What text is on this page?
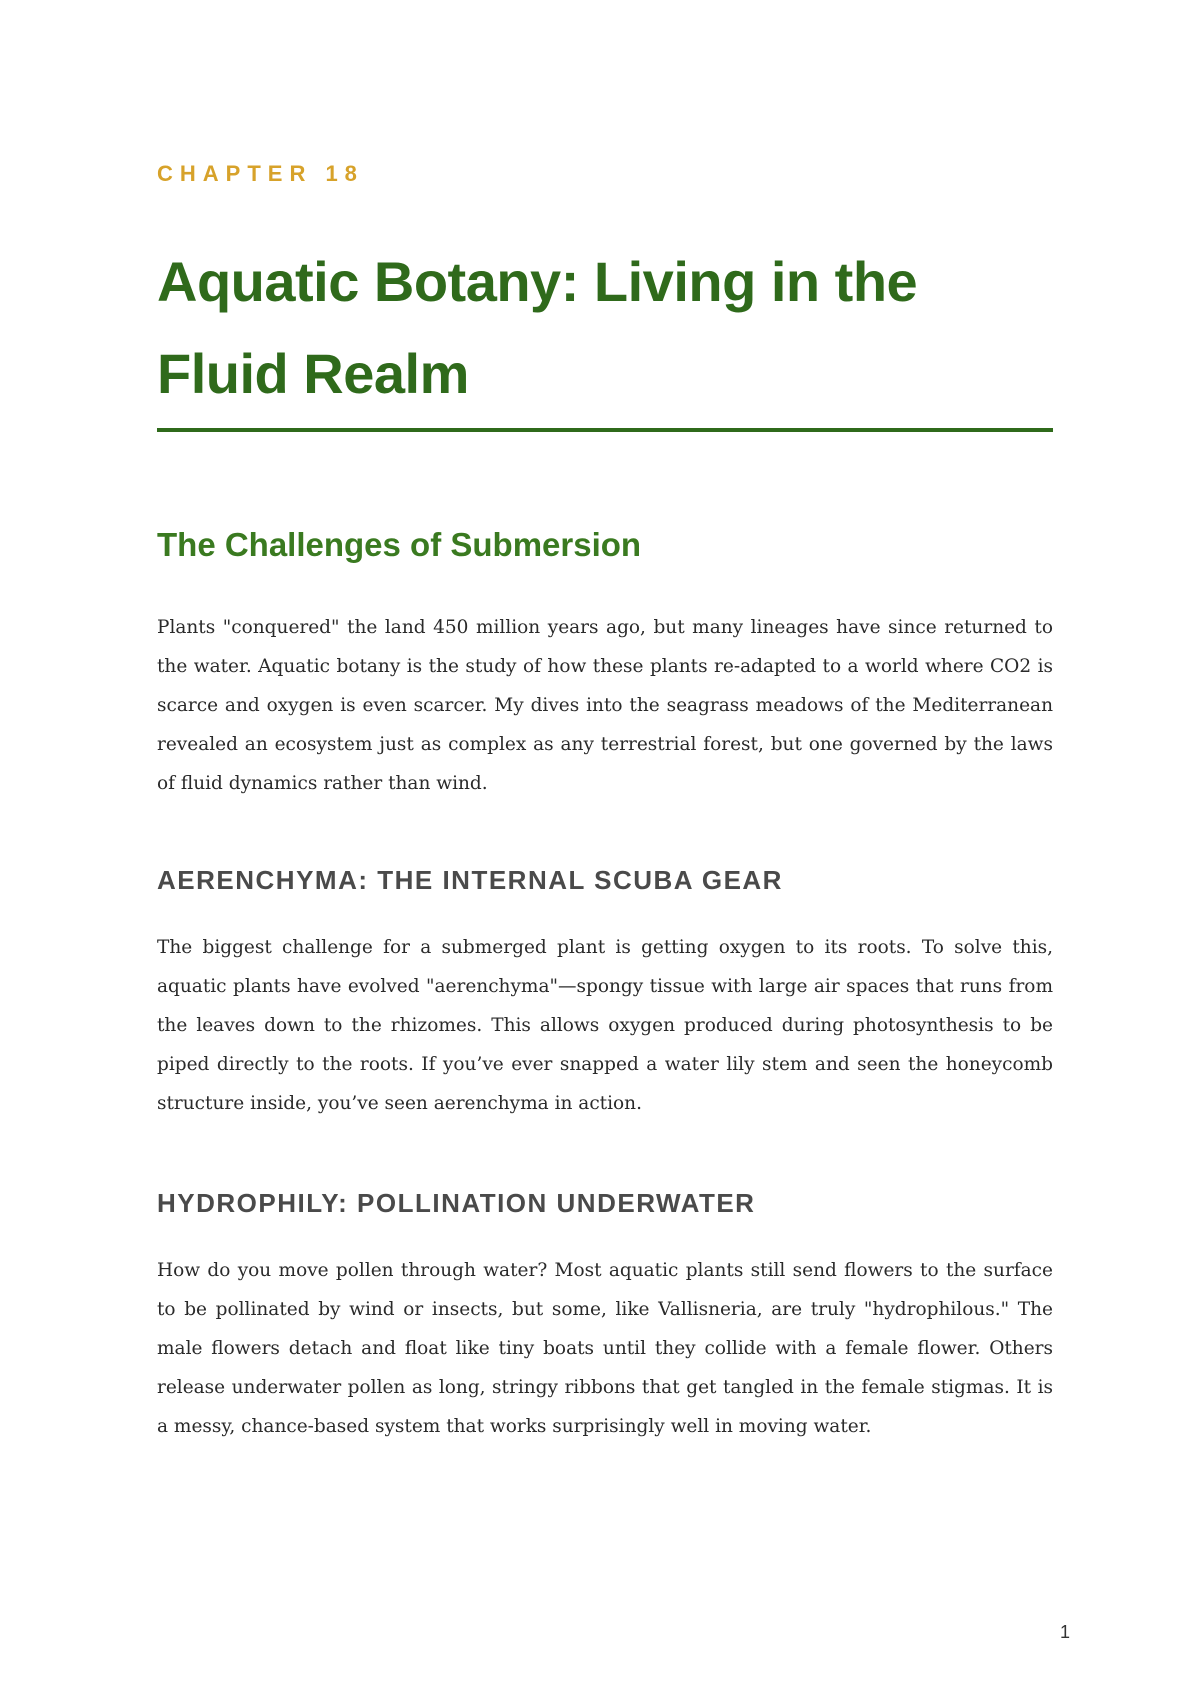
CHAPTER 18
Aquatic Botany: Living in the Fluid Realm
The Challenges of Submersion

Plants "conquered" the land 450 million years ago, but many lineages have since returned to the water. Aquatic botany is the study of how these plants re-adapted to a world where CO2 is scarce and oxygen is even scarcer. My dives into the seagrass meadows of the Mediterranean revealed an ecosystem just as complex as any terrestrial forest, but one governed by the laws of fluid dynamics rather than wind.

AERENCHYMA: THE INTERNAL SCUBA GEAR

The biggest challenge for a submerged plant is getting oxygen to its roots. To solve this, aquatic plants have evolved "aerenchyma"—spongy tissue with large air spaces that runs from the leaves down to the rhizomes. This allows oxygen produced during photosynthesis to be piped directly to the roots. If you’ve ever snapped a water lily stem and seen the honeycomb structure inside, you’ve seen aerenchyma in action.

HYDROPHILY: POLLINATION UNDERWATER

How do you move pollen through water? Most aquatic plants still send flowers to the surface to be pollinated by wind or insects, but some, like Vallisneria, are truly "hydrophilous." The male flowers detach and float like tiny boats until they collide with a female flower. Others release underwater pollen as long, stringy ribbons that get tangled in the female stigmas. It is a messy, chance-based system that works surprisingly well in moving water.

1
